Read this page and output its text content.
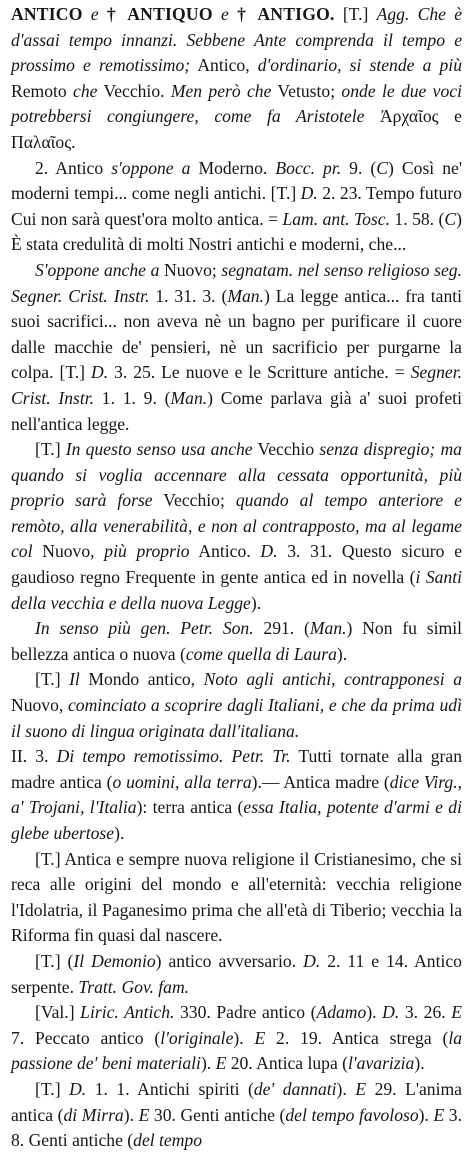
ANTICO e † ANTIQUO e † ANTIGO. [T.] Agg. Che è d'assai tempo innanzi. Sebbene Ante comprenda il tempo e prossimo e remotissimo; Antico, d'ordinario, si stende a più Remoto che Vecchio. Men però che Vetusto; onde le due voci potrebbersi congiungere, come fa Aristotele Ἀρχαῖος e Παλαῖος.

2. Antico s'oppone a Moderno. Bocc. pr. 9. (C) Così ne' moderni tempi... come negli antichi. [T.] D. 2. 23. Tempo futuro Cui non sarà quest'ora molto antica. = Lam. ant. Tosc. 1. 58. (C) È stata credulità di molti Nostri antichi e moderni, che...

S'oppone anche a Nuovo; segnatam. nel senso religioso seg. Segner. Crist. Instr. 1. 31. 3. (Man.) La legge antica... fra tanti suoi sacrifici... non aveva nè un bagno per purificare il cuore dalle macchie de' pensieri, nè un sacrificio per purgarne la colpa. [T.] D. 3. 25. Le nuove e le Scritture antiche. = Segner. Crist. Instr. 1. 1. 9. (Man.) Come parlava già a' suoi profeti nell'antica legge.

[T.] In questo senso usa anche Vecchio senza dispregio; ma quando si voglia accennare alla cessata opportunità, più proprio sarà forse Vecchio; quando al tempo anteriore e remòto, alla venerabilità, e non al contrapposto, ma al legame col Nuovo, più proprio Antico. D. 3. 31. Questo sicuro e gaudioso regno Frequente in gente antica ed in novella (i Santi della vecchia e della nuova Legge).

In senso più gen. Petr. Son. 291. (Man.) Non fu simil bellezza antica o nuova (come quella di Laura).

[T.] Il Mondo antico, Noto agli antichi, contrapponesi a Nuovo, cominciato a scoprire dagli Italiani, e che da prima udì il suono di lingua originata dall'italiana.

II. 3. Di tempo remotissimo. Petr. Tr. Tutti tornate alla gran madre antica (o uomini, alla terra).— Antica madre (dice Virg., a' Trojani, l'Italia): terra antica (essa Italia, potente d'armi e di glebe ubertose).

[T.] Antica e sempre nuova religione il Cristianesimo, che si reca alle origini del mondo e all'eternità: vecchia religione l'Idolatria, il Paganesimo prima che all'età di Tiberio; vecchia la Riforma fin quasi dal nascere.

[T.] (Il Demonio) antico avversario. D. 2. 11 e 14. Antico serpente. Tratt. Gov. fam.

[Val.] Liric. Antich. 330. Padre antico (Adamo). D. 3. 26. E 7. Peccato antico (l'originale). E 2. 19. Antica strega (la passione de' beni materiali). E 20. Antica lupa (l'avarizia).

[T.] D. 1. 1. Antichi spiriti (de' dannati). E 29. L'anima antica (di Mirra). E 30. Genti antiche (del tempo favoloso). E 3. 8. Genti antiche (del tempo
